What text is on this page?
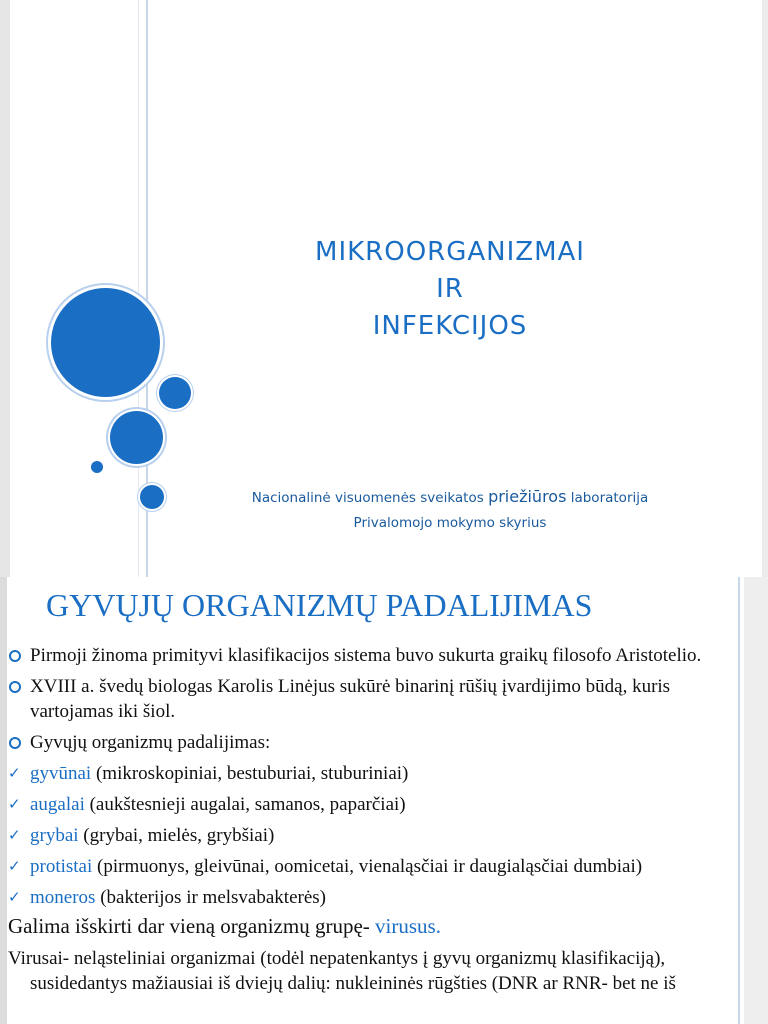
MIKROORGANIZMAI
IR
INFEKCIJOS
Nacionalinė visuomenės sveikatos priežiūros laboratorija
Privalomojo mokymo skyrius
GYVŲJŲ ORGANIZMŲ PADALIJIMAS
Pirmoji žinoma primityvi klasifikacijos sistema buvo sukurta graikų filosofo Aristotelio.
XVIII a. švedų biologas Karolis Linėjus sukūrė binarinį rūšių įvardijimo būdą, kuris vartojamas iki šiol.
Gyvųjų organizmų padalijimas:
✓ gyvūnai (mikroskopiniai, bestuburiai, stuburiniai)
✓ augalai (aukštesnieji augalai, samanos, paparčiai)
✓ grybai (grybai, mielės, grybšiai)
✓ protistai (pirmuonys, gleivūnai, oomicetai, vienaląsčiai ir daugialąsčiai dumbiai)
✓ moneros (bakterijos ir melsvabakterės)
Galima išskirti dar vieną organizmų grupę- virusus.
Virusai- neląsteliniai organizmai (todėl nepatenkantys į gyvų organizmų klasifikaciją),
susidedantys mažiausiai iš dviejų dalių: nukleininės rūgšties (DNR ar RNR- bet ne iš
